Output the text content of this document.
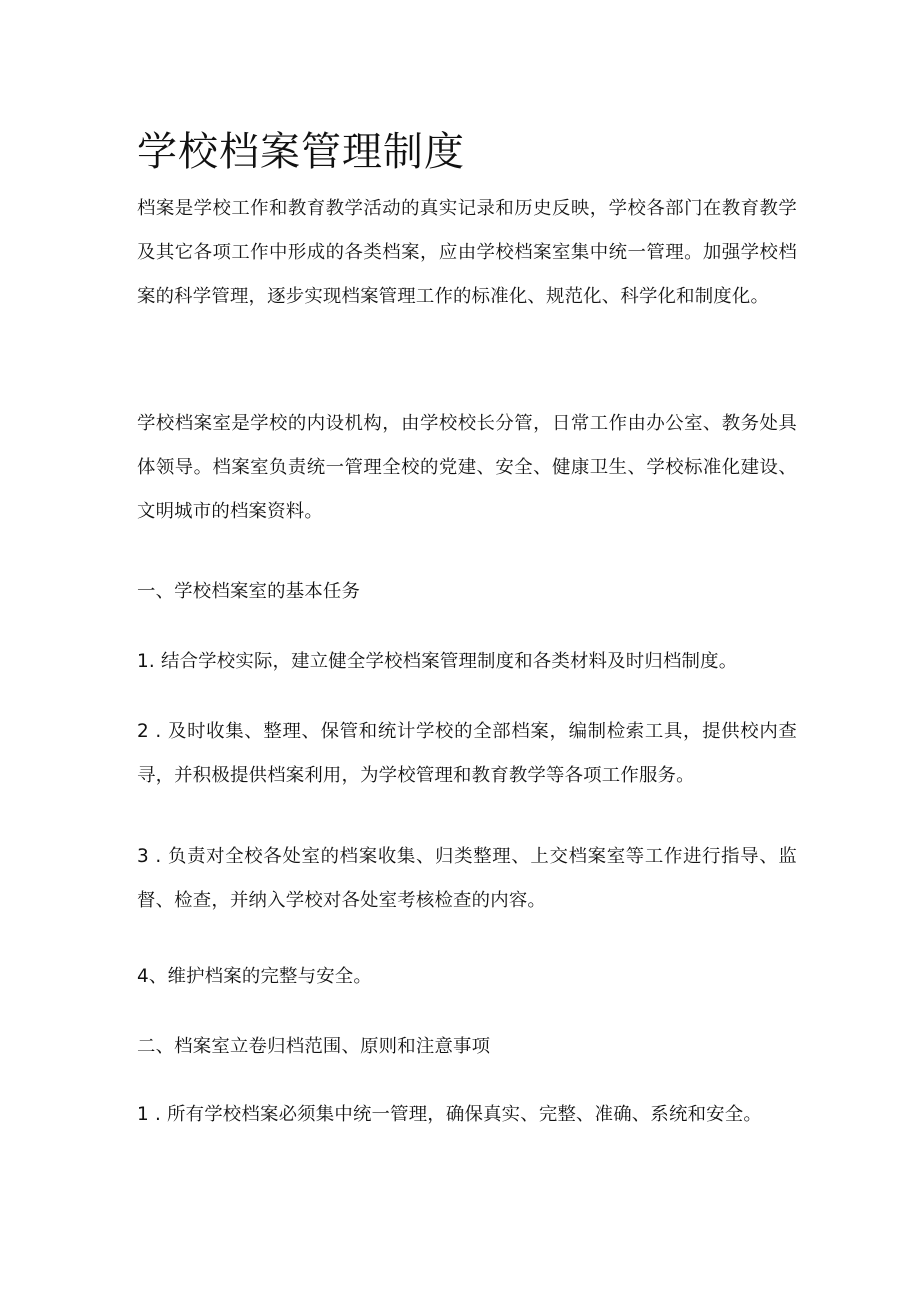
学校档案管理制度

档案是学校工作和教育教学活动的真实记录和历史反映，学校各部门在教育教学及其它各项工作中形成的各类档案，应由学校档案室集中统一管理。加强学校档案的科学管理，逐步实现档案管理工作的标准化、规范化、科学化和制度化。

学校档案室是学校的内设机构，由学校校长分管，日常工作由办公室、教务处具体领导。档案室负责统一管理全校的党建、安全、健康卫生、学校标准化建设、文明城市的档案资料。

一、学校档案室的基本任务

1. 结合学校实际，建立健全学校档案管理制度和各类材料及时归档制度。

2 . 及时收集、整理、保管和统计学校的全部档案，编制检索工具，提供校内查寻，并积极提供档案利用，为学校管理和教育教学等各项工作服务。

3 . 负责对全校各处室的档案收集、归类整理、上交档案室等工作进行指导、监督、检查，并纳入学校对各处室考核检查的内容。

4、维护档案的完整与安全。

二、档案室立卷归档范围、原则和注意事项

1 . 所有学校档案必须集中统一管理，确保真实、完整、准确、系统和安全。
